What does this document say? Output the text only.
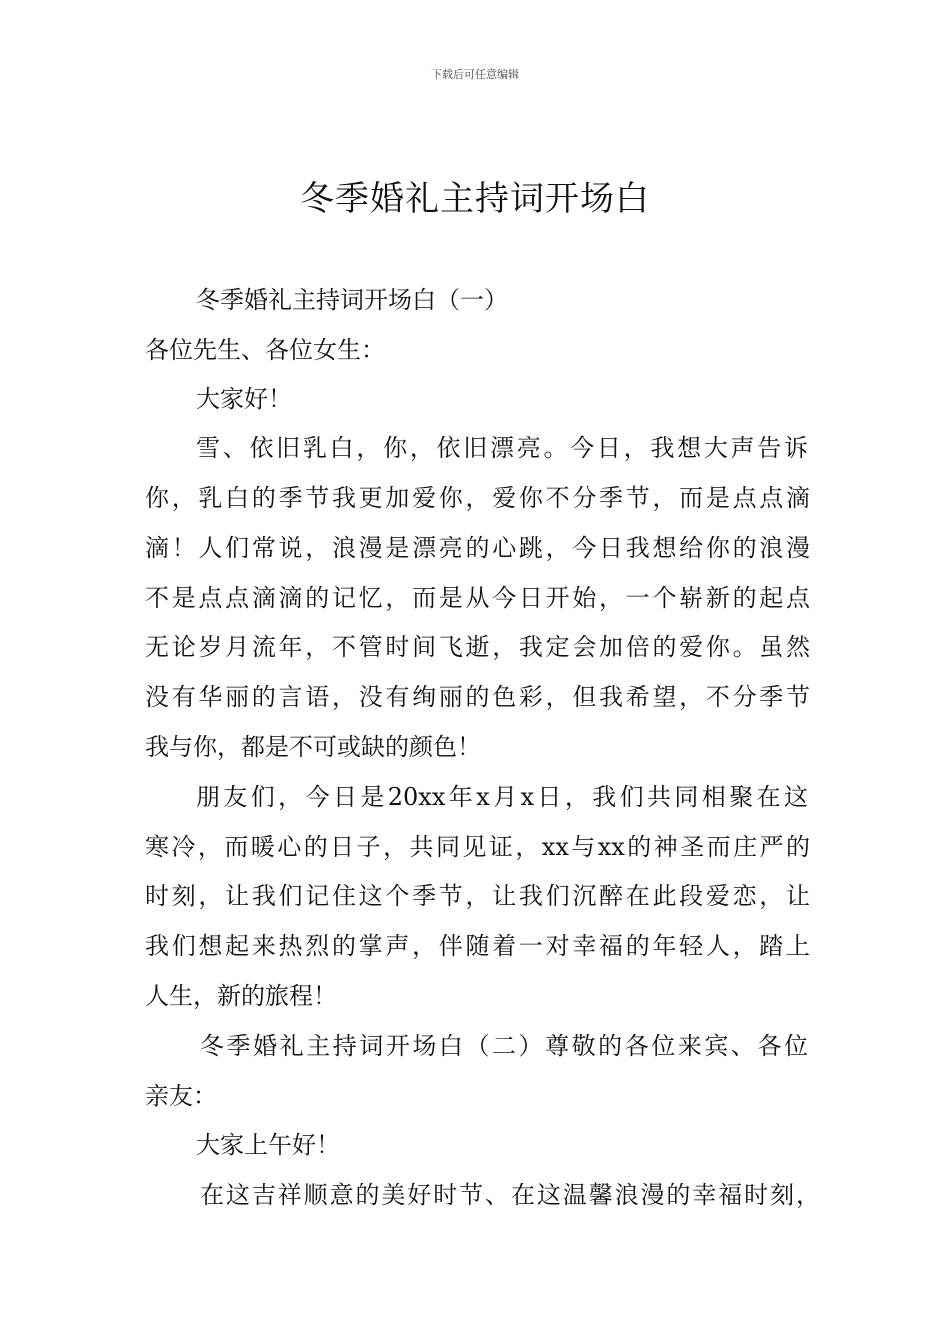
下载后可任意编辑
冬季婚礼主持词开场白
冬季婚礼主持词开场白（一）
各位先生、各位女生：
大家好！
雪、依旧乳白，你，依旧漂亮。今日，我想大声告诉
你，乳白的季节我更加爱你，爱你不分季节，而是点点滴
滴！人们常说，浪漫是漂亮的心跳，今日我想给你的浪漫
不是点点滴滴的记忆，而是从今日开始，一个崭新的起点
无论岁月流年，不管时间飞逝，我定会加倍的爱你。虽然
没有华丽的言语，没有绚丽的色彩，但我希望，不分季节
我与你，都是不可或缺的颜色！
朋友们，今日是20xx年x月x日，我们共同相聚在这
寒冷，而暖心的日子，共同见证，xx与xx的神圣而庄严的
时刻，让我们记住这个季节，让我们沉醉在此段爱恋，让
我们想起来热烈的掌声，伴随着一对幸福的年轻人，踏上
人生，新的旅程！
冬季婚礼主持词开场白（二）尊敬的各位来宾、各位
亲友：
大家上午好！
在这吉祥顺意的美好时节、在这温馨浪漫的幸福时刻，
